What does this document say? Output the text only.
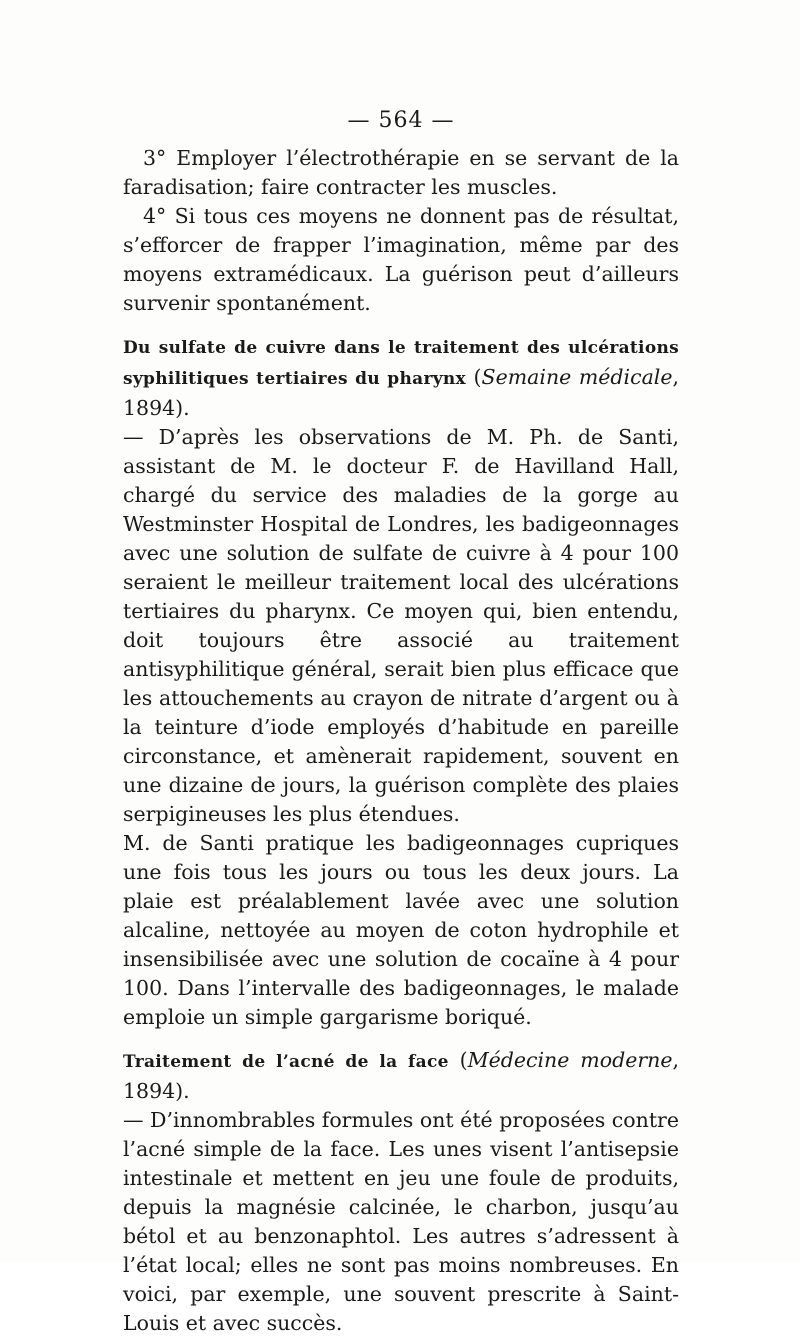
— 564 —

3° Employer l’électrothérapie en se servant de la faradisation; faire contracter les muscles.

4° Si tous ces moyens ne donnent pas de résultat, s’efforcer de frapper l’imagination, même par des moyens extramédicaux. La guérison peut d’ailleurs survenir spontanément.

Du sulfate de cuivre dans le traitement des ulcérations syphilitiques tertiaires du pharynx (Semaine médicale, 1894).

— D’après les observations de M. Ph. de Santi, assistant de M. le docteur F. de Havilland Hall, chargé du service des maladies de la gorge au Westminster Hospital de Londres, les badigeonnages avec une solution de sulfate de cuivre à 4 pour 100 seraient le meilleur traitement local des ulcérations tertiaires du pharynx. Ce moyen qui, bien entendu, doit toujours être associé au traitement antisyphilitique général, serait bien plus efficace que les attouchements au crayon de nitrate d’argent ou à la teinture d’iode employés d’habitude en pareille circonstance, et amènerait rapidement, souvent en une dizaine de jours, la guérison complète des plaies serpigineuses les plus étendues.

M. de Santi pratique les badigeonnages cupriques une fois tous les jours ou tous les deux jours. La plaie est préalablement lavée avec une solution alcaline, nettoyée au moyen de coton hydrophile et insensibilisée avec une solution de cocaïne à 4 pour 100. Dans l’intervalle des badigeonnages, le malade emploie un simple gargarisme boriqué.

Traitement de l’acné de la face (Médecine moderne, 1894).

— D’innombrables formules ont été proposées contre l’acné simple de la face. Les unes visent l’antisepsie intestinale et mettent en jeu une foule de produits, depuis la magnésie calcinée, le charbon, jusqu’au bétol et au benzonaphtol. Les autres s’adressent à l’état local; elles ne sont pas moins nombreuses. En voici, par exemple, une souvent prescrite à Saint-Louis et avec succès.
